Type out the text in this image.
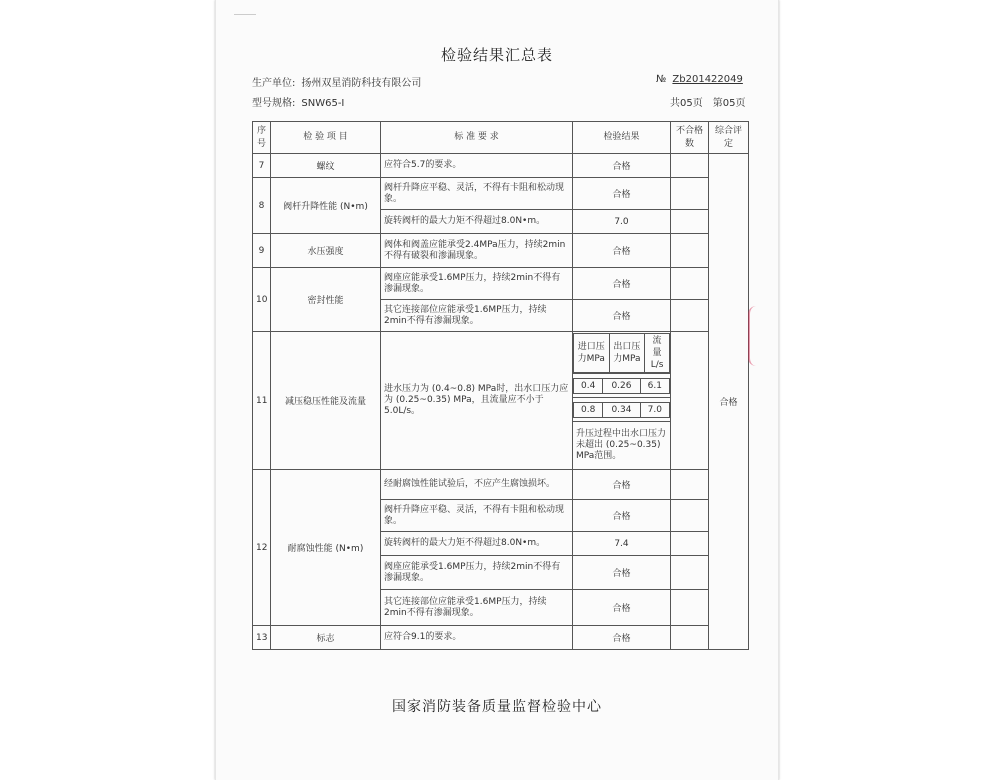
检验结果汇总表
生产单位: 扬州双星消防科技有限公司	№ Zb201422049
型号规格: SNW65-Ⅰ	共05页 第05页
序号	检 验 项 目	标 准 要 求	检验结果	不合格数	综合评定
7	螺纹	应符合5.7的要求。	合格		合格
8	阀杆升降性能 (N•m)	阀杆升降应平稳、灵活，不得有卡阻和松动现象。	合格	
旋转阀杆的最大力矩不得超过8.0N•m。	7.0	
9	水压强度	阀体和阀盖应能承受2.4MPa压力，持续2min不得有破裂和渗漏现象。	合格	
10	密封性能	阀座应能承受1.6MP压力，持续2min不得有渗漏现象。	合格	
其它连接部位应能承受1.6MP压力，持续2min不得有渗漏现象。	合格	
11	减压稳压性能及流量	进水压力为 (0.4~0.8) MPa时，出水口压力应为 (0.25~0.35) MPa，且流量应不小于5.0L/s。	
进口压力MPa	出口压力MPa	流量L/s

0.4	0.26	6.1

0.8	0.34	7.0

升压过程中出水口压力未超出 (0.25~0.35) MPa范围。
12	耐腐蚀性能 (N•m)	经耐腐蚀性能试验后，不应产生腐蚀损坏。	合格	
阀杆升降应平稳、灵活，不得有卡阻和松动现象。	合格	
旋转阀杆的最大力矩不得超过8.0N•m。	7.4	
阀座应能承受1.6MP压力，持续2min不得有渗漏现象。	合格	
其它连接部位应能承受1.6MP压力，持续2min不得有渗漏现象。	合格	
13	标志	应符合9.1的要求。	合格	
国家消防装备质量监督检验中心
